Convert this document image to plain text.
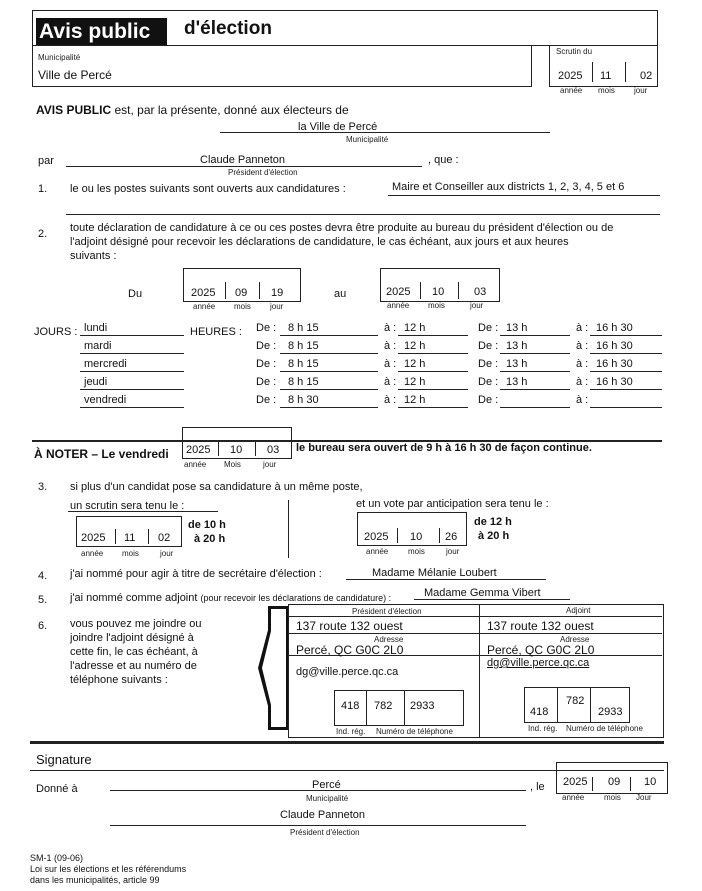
Avis public	d'élection
Municipalité
Ville de Percé
Scrutin du
2025 11	02
année mois jour
AVIS PUBLIC est, par la présente, donné aux électeurs de
la Ville de Percé
Municipalité
par	Claude Panneton	, que :
Président d'élection
1. le ou les postes suivants sont ouverts aux candidatures :	Maire et Conseiller aux districts 1, 2, 3, 4, 5 et 6
2. toute déclaration de candidature à ce ou ces postes devra être produite au bureau du président d'élection ou de
l'adjoint désigné pour recevoir les déclarations de candidature, le cas échéant, aux jours et aux heures
suivants :
Du	2025 09 19
année mois jour
au	2025 10	03
année mois	jour
JOURS :	HEURES :
lundi	De : 8 h 15	à : 12 h	De : 13 h	à : 16 h 30
mardi	De : 8 h 15	à : 12 h	De : 13 h	à : 16 h 30
mercredi	De : 8 h 15	à : 12 h	De : 13 h	à : 16 h 30
jeudi	De : 8 h 15	à : 12 h	De : 13 h	à : 16 h 30
vendredi	De : 8 h 30	à : 12 h	De :	à :
À NOTER – Le vendredi 2025 10 03
année Mois	jour
le bureau sera ouvert de 9 h à 16 h 30 de façon continue.
3. si plus d'un candidat pose sa candidature à un même poste,
un scrutin sera tenu le :
2025 11 02
année mois	jour
de 10 h
à 20 h
et un vote par anticipation sera tenu le :
2025 10 26
année mois	jour
de 12 h
à 20 h
4. j'ai nommé pour agir à titre de secrétaire d'élection :	Madame Mélanie Loubert
5. j'ai nommé comme adjoint (pour recevoir les déclarations de candidature) :	Madame Gemma Vibert
6. vous pouvez me joindre ou
joindre l'adjoint désigné à
cette fin, le cas échéant, à
l'adresse et au numéro de
téléphone suivants :
Président d'élection
137 route 132 ouest
Adresse
Percé, QC G0C 2L0
dg@ville.perce.qc.ca
418 782 2933
Ind. rég. Numéro de téléphone
Adjoint
137 route 132 ouest
Adresse
Percé, QC G0C 2L0
dg@ville.perce.qc.ca
418
782
2933
Ind. rég. Numéro de téléphone
Signature
Donné à	Percé
Municipalité
, le 2025 09 10
année mois Jour
Claude Panneton
Président d'élection
SM-1 (09-06)
Loi sur les élections et les référendums
dans les municipalités, article 99
